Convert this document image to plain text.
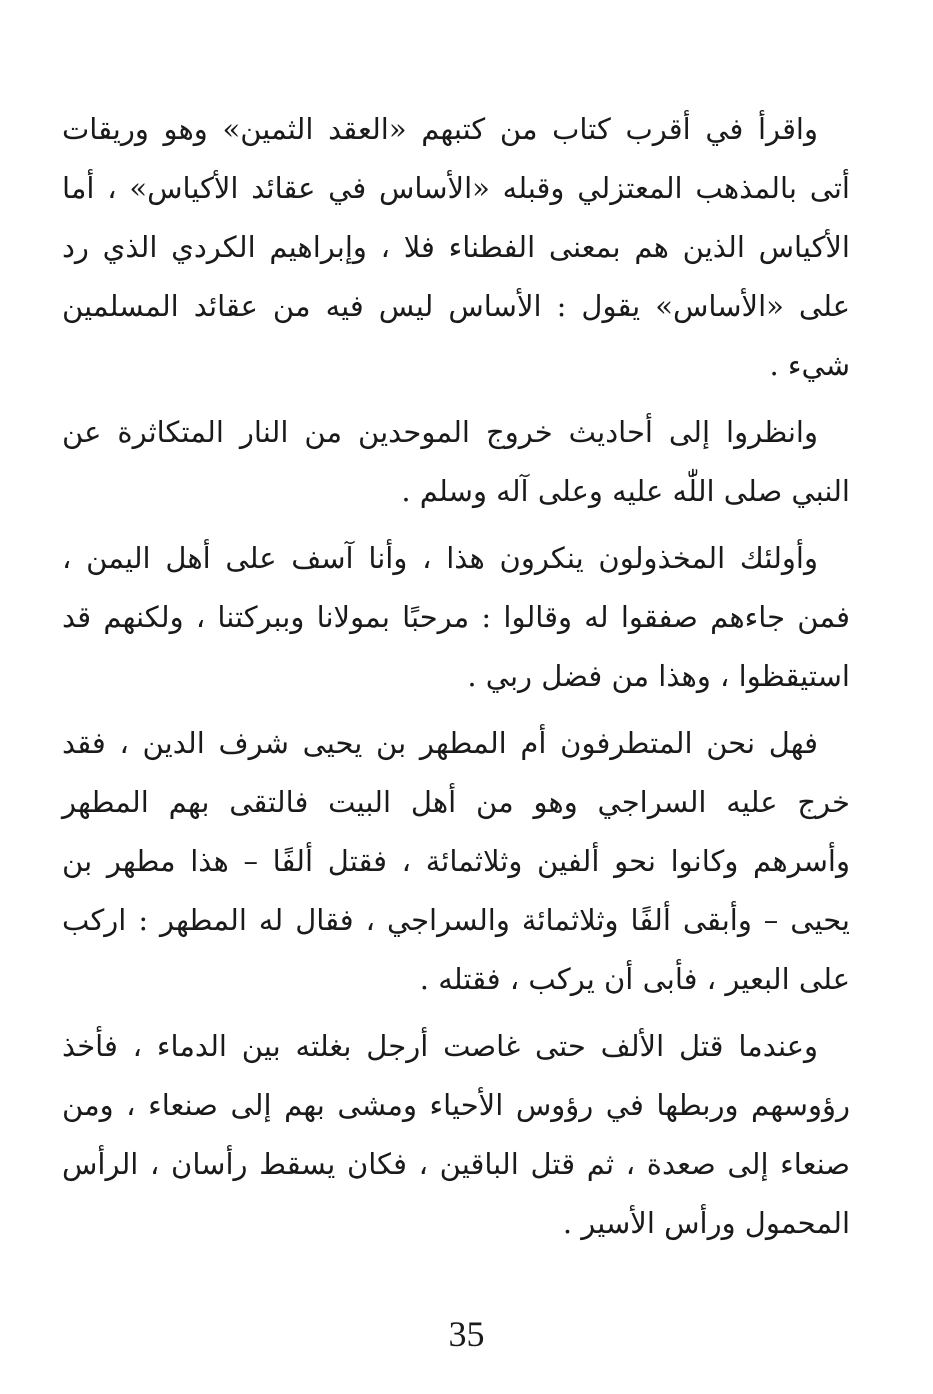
واقرأ في أقرب كتاب من كتبهم «العقد الثمين» وهو وريقات أتى بالمذهب المعتزلي وقبله «الأساس في عقائد الأكياس» ، أما الأكياس الذين هم بمعنى الفطناء فلا ، وإبراهيم الكردي الذي رد على «الأساس» يقول : الأساس ليس فيه من عقائد المسلمين شيء .

وانظروا إلى أحاديث خروج الموحدين من النار المتكاثرة عن النبي صلى اللّٰه عليه وعلى آله وسلم .

وأولئك المخذولون ينكرون هذا ، وأنا آسف على أهل اليمن ، فمن جاءهم صفقوا له وقالوا : مرحبًا بمولانا وببركتنا ، ولكنهم قد استيقظوا ، وهذا من فضل ربي .

فهل نحن المتطرفون أم المطهر بن يحيى شرف الدين ، فقد خرج عليه السراجي وهو من أهل البيت فالتقى بهم المطهر وأسرهم وكانوا نحو ألفين وثلاثمائة ، فقتل ألفًا – هذا مطهر بن يحيى – وأبقى ألفًا وثلاثمائة والسراجي ، فقال له المطهر : اركب على البعير ، فأبى أن يركب ، فقتله .

وعندما قتل الألف حتى غاصت أرجل بغلته بين الدماء ، فأخذ رؤوسهم وربطها في رؤوس الأحياء ومشى بهم إلى صنعاء ، ومن صنعاء إلى صعدة ، ثم قتل الباقين ، فكان يسقط رأسان ، الرأس المحمول ورأس الأسير .

35
